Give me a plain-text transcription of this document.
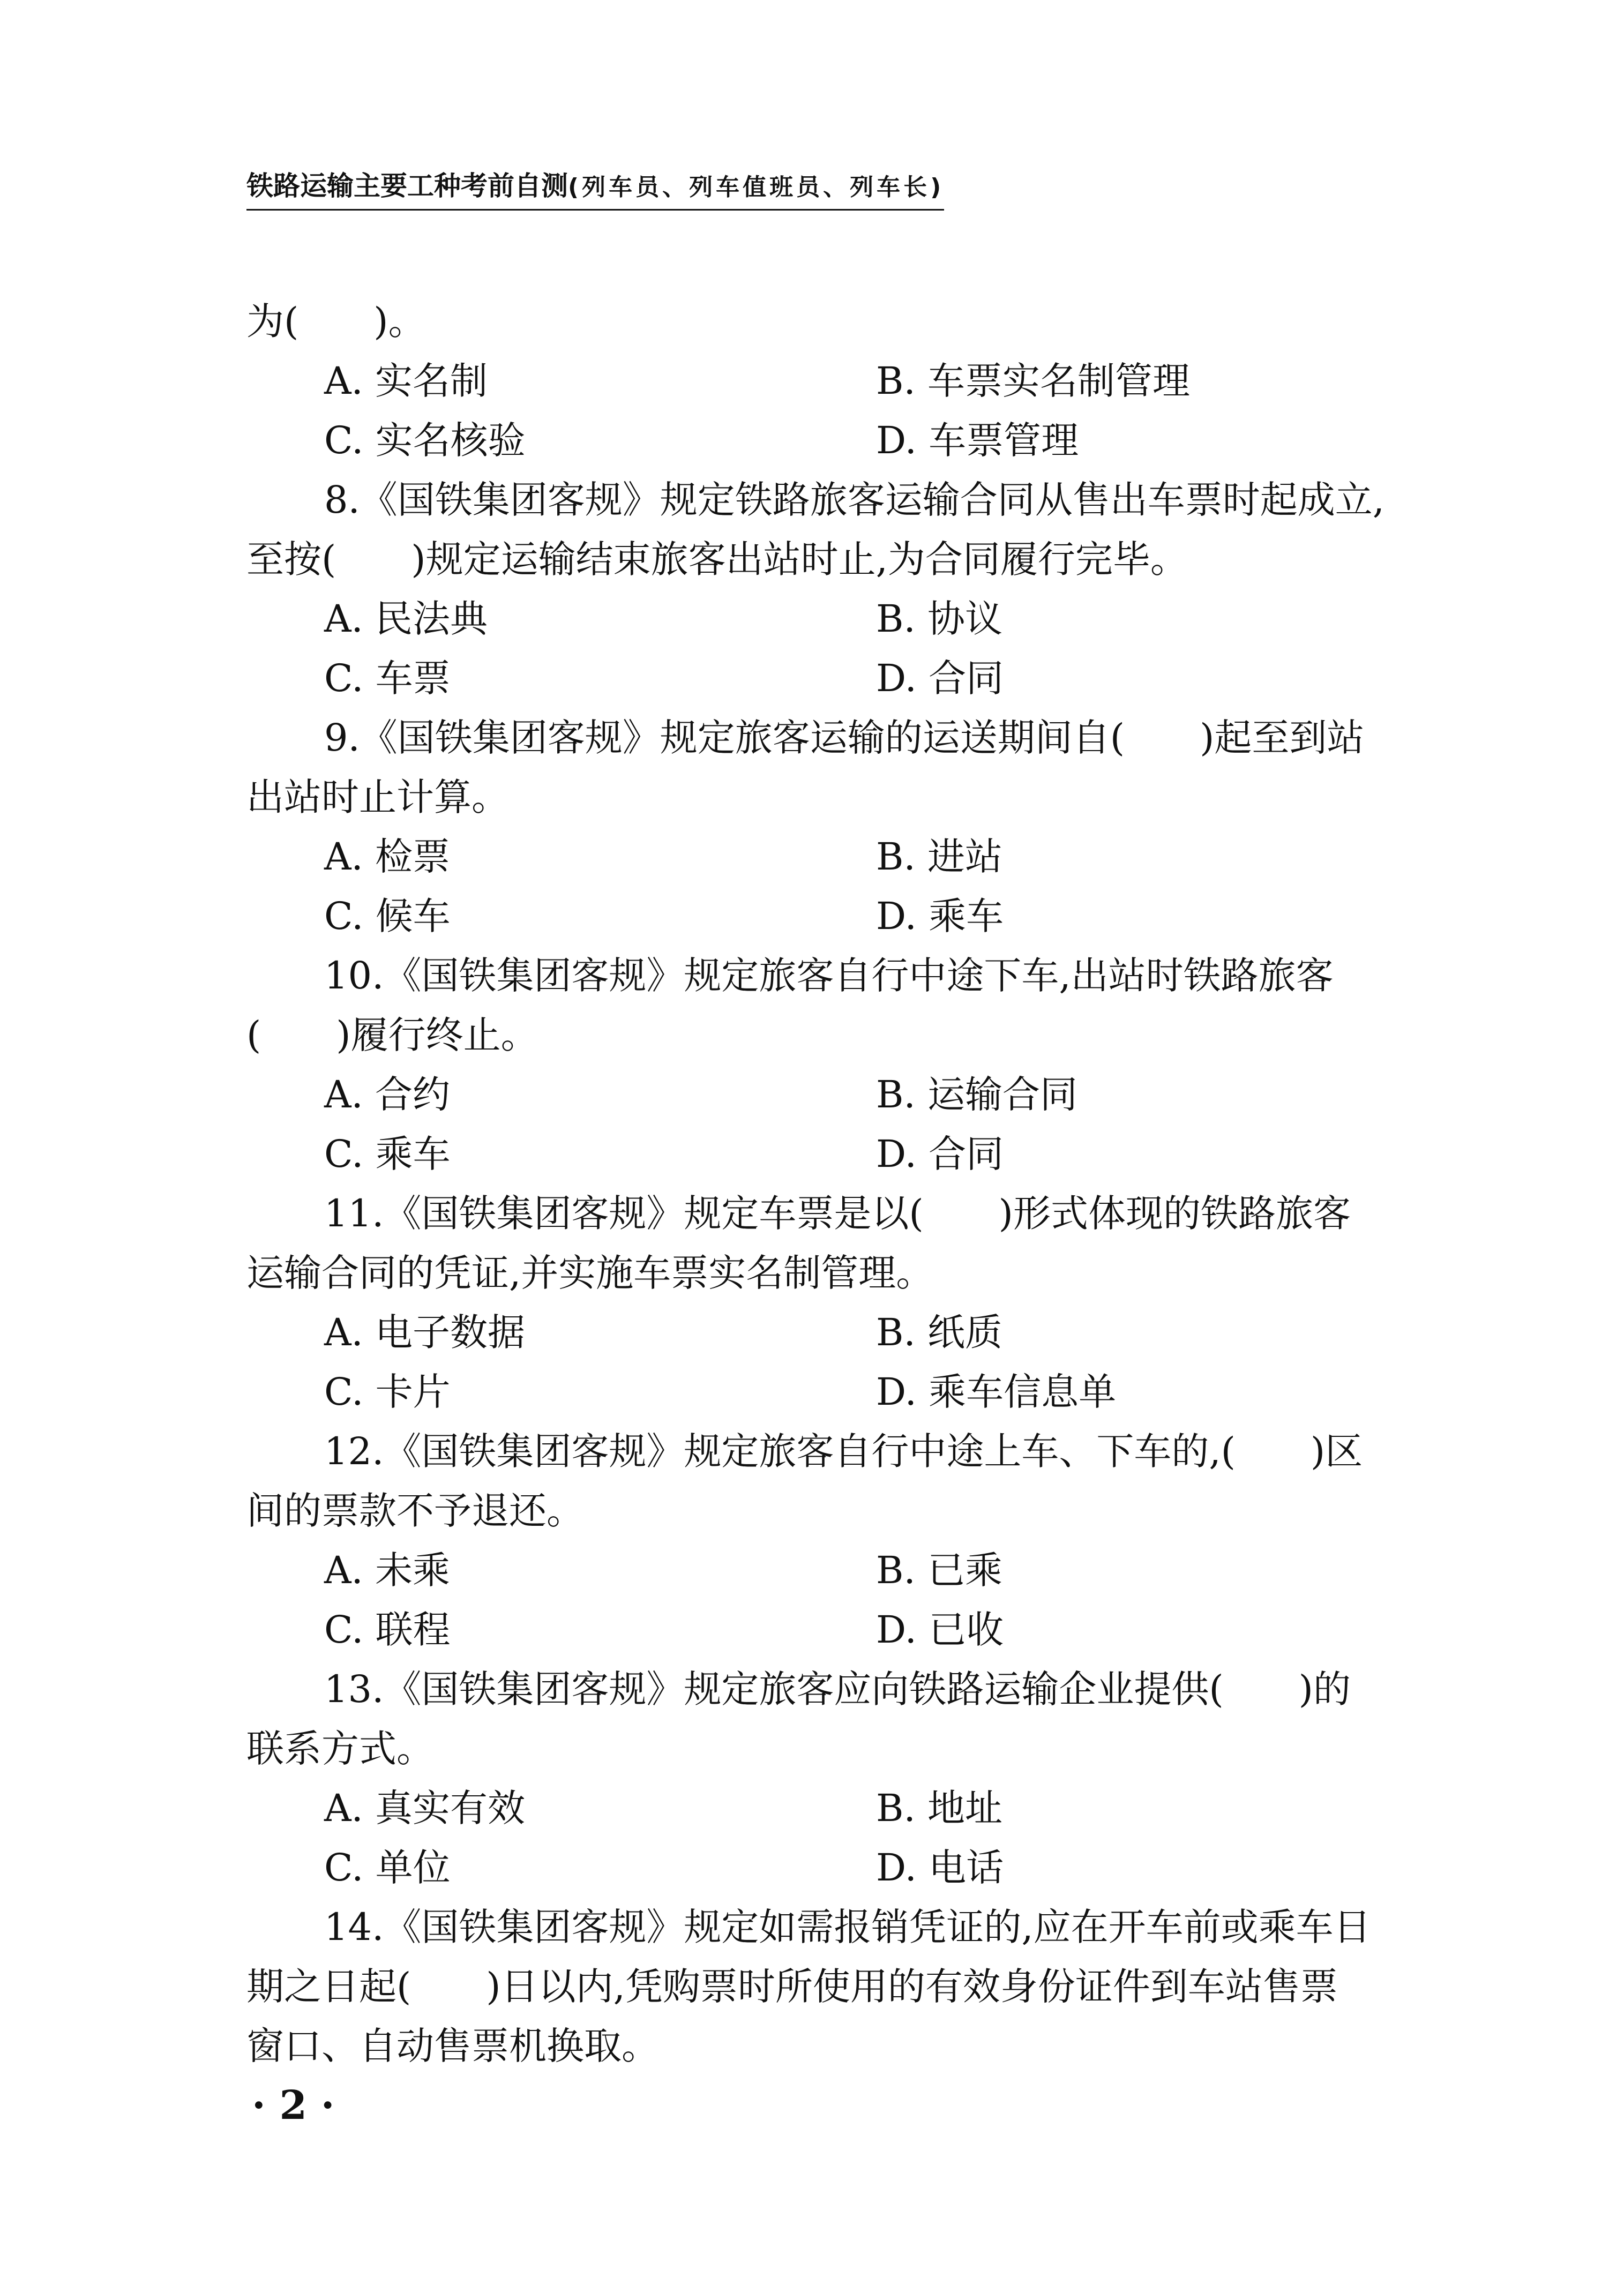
铁路运输主要工种考前自测(列车员、列车值班员、列车长)
为(　　)。
A. 实名制	B. 车票实名制管理
C. 实名核验	D. 车票管理
8.《国铁集团客规》规定铁路旅客运输合同从售出车票时起成立,
至按(　　)规定运输结束旅客出站时止,为合同履行完毕。
A. 民法典	B. 协议
C. 车票	D. 合同
9.《国铁集团客规》规定旅客运输的运送期间自(　　)起至到站
出站时止计算。
A. 检票	B. 进站
C. 候车	D. 乘车
10.《国铁集团客规》规定旅客自行中途下车,出站时铁路旅客
(　　)履行终止。
A. 合约	B. 运输合同
C. 乘车	D. 合同
11.《国铁集团客规》规定车票是以(　　)形式体现的铁路旅客
运输合同的凭证,并实施车票实名制管理。
A. 电子数据	B. 纸质
C. 卡片	D. 乘车信息单
12.《国铁集团客规》规定旅客自行中途上车、下车的,(　　)区
间的票款不予退还。
A. 未乘	B. 已乘
C. 联程	D. 已收
13.《国铁集团客规》规定旅客应向铁路运输企业提供(　　)的
联系方式。
A. 真实有效	B. 地址
C. 单位	D. 电话
14.《国铁集团客规》规定如需报销凭证的,应在开车前或乘车日
期之日起(　　)日以内,凭购票时所使用的有效身份证件到车站售票
窗口、自动售票机换取。
· 2 ·
